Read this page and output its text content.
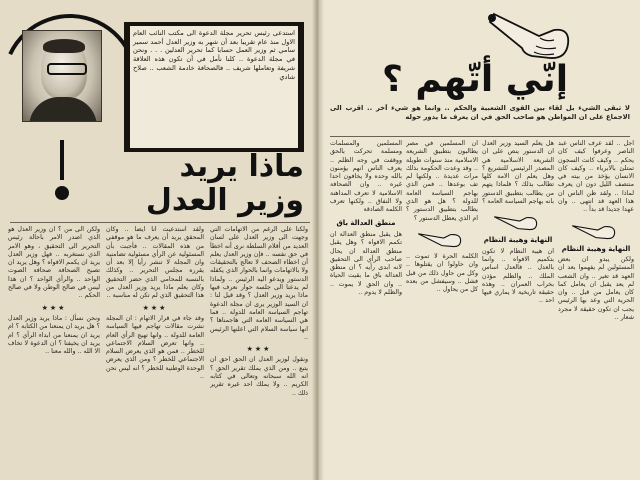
استدعى رئيس تحرير مجلة الدعوة الى مكتب النائب العام الاول منذ عام تقريبا بعد أن شهر به وزير العدل أحمد سمير سامي ثم وزير العمل حسابا كما تحرير العدلين . . . ونحن في مجلة الدعوة .. كلنا نأمل في أن تكون هذه العلاقة شريفة وتعاملها شريف .. فالصحافة خادمة الشعب .. صلاح شادي
ماذا يريد
وزير العدل
ولكن الى من ؟ ان وزير العدل هو الذي اصدر الامر باحالة رئيس التحرير الى التحقيق ، وهو الامر الذي نستغربه .. فهل وزير العدل يريد ان يكمم الافواه ؟ وهل يريد ان تصبح الصحافة صحافة الصوت الواحد .. والرأي الواحد ؟ ان هذا ليس في صالح الوطن ولا في صالح الحكم ..
★★★
ونحن نسأل : ماذا يريد وزير العدل ؟ هل يريد ان يمنعنا من الكتابة ؟ ام يريد ان يمنعنا من ابداء الرأي ؟ ام يريد ان يخيفنا ؟ ان الدعوة لا تخاف الا الله .. والله معنا ..
ولقد استدعيت أنا أيضا .. وكأن المحقق يريد أن يعرف ما هو موقفي من هذه المقالات .. فأجبت بأن المسئولية عن الرأي مسئولية تضامنية وان المجلة لا تنشر رأيا إلا بعد أن يقرره مجلس التحرير .. وكذلك بالنسبة للمحامي الذي حضر التحقيق وكان يعلم ماذا يريد وزير العدل من هذا التحقيق الذي لم تكن له مناسبة ..
★★★
وقد جاء في قرار الاتهام : ان المجلة نشرت مقالات تهاجم فيها السياسة العامة للدولة .. وانها تهيج الرأي العام .. وانها تعرض السلام الاجتماعي للخطر .. فمن هو الذي يعرض السلام الاجتماعي للخطر ؟ ومن الذي يعرض الوحدة الوطنية للخطر ؟ انه ليس نحن ..
ولكنا على الرغم من الاتهامات التي وجهت الى وزير العدل على لسان العديد من أقلام السلطة نرى أنه اخطأ في حق نفسه .. فإن وزير العدل يعلم أن اخطاء الصحف لا تعالج بالتحقيقات ولا بالاتهامات وانما بالحوار الذي يكفله الدستور ويدعو اليه الرئيس .. ولماذا لم يدعنا الى جلسة حوار نعرف فيها ماذا يريد وزير العدل ؟ وقد قيل لنا : ان السيد الوزير يرى ان مجلة الدعوة تهاجم السياسة العامة للدولة .. فما هي السياسة العامة التي هاجمناها ؟ انها سياسة السلام التي اعلنها الرئيس ..
★★★
ونقول لوزير العدل ان الحق احق ان يتبع .. ومن الذي يملك تقرير الحق ؟ انه الله سبحانه وتعالى في كتابه الكريم .. ولا يملك احد غيره تقرير ذلك ..
إنّي أتّهم ؟
لا تبقى الشيء بل لقاء بين القوى الشعبية والحكم .. وانما هو شيء آخر .. اقرب الى الاجماع على ان المواطن هو صاحب الحق في ان يعرف ما يدور حوله
المسلمين والمسلمات ومسلمة تحركت بالحق ووقفت في وجه الظلم .. يعرف الناس انهم يؤمنون بالله وحده ولا يخافون احدا غيره .. وان الصحافة الاسلامية لا تعرف المداهنة ولا النفاق .. ولكنها تعرف الكلمة الصادقة
منطق العدالة باق
هل يقبل منطق العدالة ان تكمم الافواه ؟ وهل يقبل منطق العدالة ان يحال صاحب الرأي الى التحقيق لانه ابدى رأيه ؟ ان منطق العدالة باق ما بقيت الحياة .. وان الحق لا يموت .. والظلم لا يدوم ..
ان المسلمين في مصر يطالبون بتطبيق الشريعة الاسلامية منذ سنوات طويلة .. وقد وعدت الحكومة بذلك مرات عديدة .. ولكنها لم تف بوعدها .. فمن الذي يهاجم السياسة العامة للدولة ؟ هل هو الذي يطالب بتطبيق الدستور ؟ ام الذي يعطل الدستور ؟
الكلمة الحرة لا تموت .. وان حاولوا ان يقتلوها .. وكل من حاول ذلك من قبل فشل .. وسيفشل من بعده كل من يحاول ..
هل يعلم السيد وزير العدل ان الدستور ينص على ان الشريعة الاسلامية هي المصدر الرئيسي للتشريع ؟ وهل يعلم ان الامة كلها تطالب بذلك ؟ فلماذا يتهم من يطالب بتطبيق الدستور بانه يهاجم السياسة العامة ؟
النهاية وهيبة النظام
ان هيبة النظام لا تكون بتكميم الافواه .. وانما بالعدل .. فالعدل اساس الملك .. والظلم مؤذن بخراب العمران .. وهذه حقيقة تاريخية لا يماري فيها احد ..
اجل .. لقد عرف الناس عبد الناصر وعرفوا كيف كان يحكم .. وكيف كانت السجون تمتلئ بالابرياء .. وكيف كان الانسان يؤخذ من بيته في منتصف الليل دون ان يعرف لماذا .. ولقد ظن الناس ان هذا العهد قد انتهى .. وان عهدا جديدا قد بدأ ..
النهاية وهيبة النظام
ولكن يبدو ان بعض المسئولين لم يفهموا بعد ان العهد قد تغير .. وان الشعب لم يعد يقبل ان يعامل كما كان يعامل من قبل .. وان الحرية التي وعد بها الرئيس يجب ان تكون حقيقة لا مجرد شعار ..
